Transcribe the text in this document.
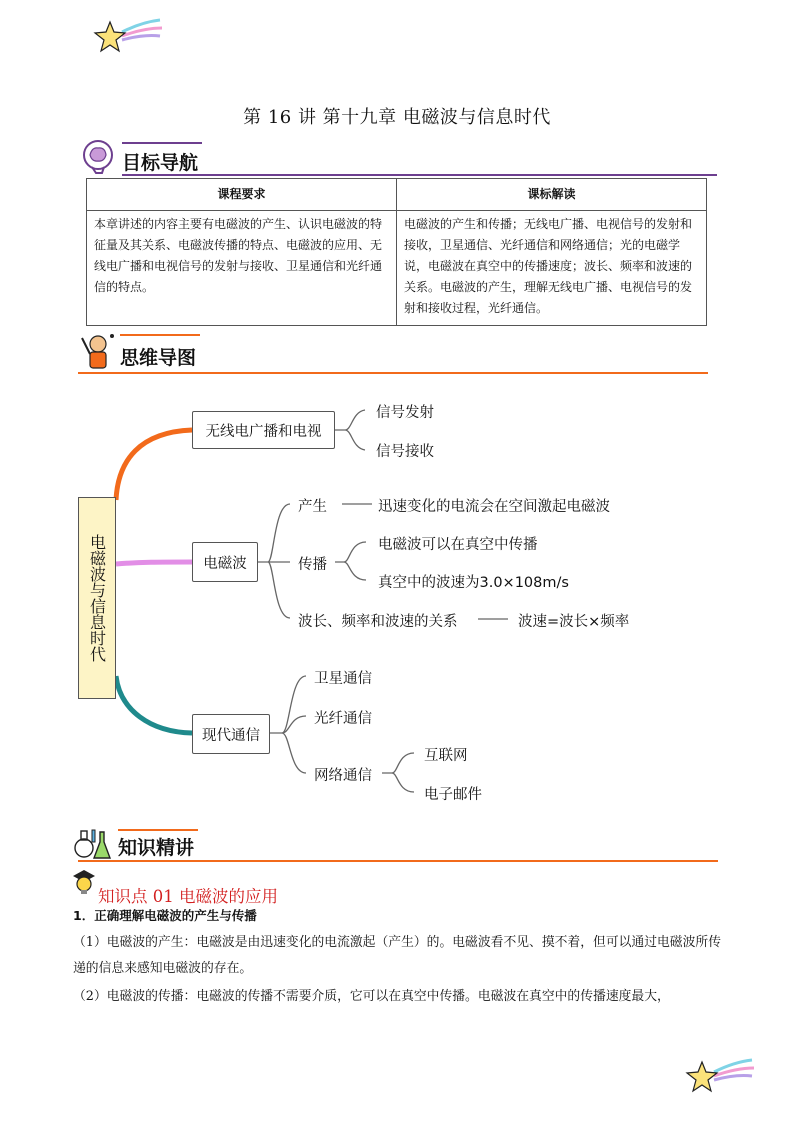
第 16 讲 第十九章 电磁波与信息时代
目标导航
课程要求	课标解读
本章讲述的内容主要有电磁波的产生、认识电磁波的特征量及其关系、电磁波传播的特点、电磁波的应用、无线电广播和电视信号的发射与接收、卫星通信和光纤通信的特点。	电磁波的产生和传播；无线电广播、电视信号的发射和接收，卫星通信、光纤通信和网络通信；光的电磁学说，电磁波在真空中的传播速度；波长、频率和波速的关系。电磁波的产生，理解无线电广播、电视信号的发射和接收过程，光纤通信。
思维导图
电磁波与信息时代
无线电广播和电视
信号发射
信号接收
电磁波
产生	迅速变化的电流会在空间激起电磁波
传播
电磁波可以在真空中传播
真空中的波速为3.0×108m/s
波长、频率和波速的关系	波速=波长×频率
现代通信
卫星通信
光纤通信
网络通信
互联网
电子邮件
知识精讲
知识点 01 电磁波的应用
1．正确理解电磁波的产生与传播
（1）电磁波的产生：电磁波是由迅速变化的电流激起（产生）的。电磁波看不见、摸不着，但可以通过电磁波所传递的信息来感知电磁波的存在。
（2）电磁波的传播：电磁波的传播不需要介质，它可以在真空中传播。电磁波在真空中的传播速度最大，
